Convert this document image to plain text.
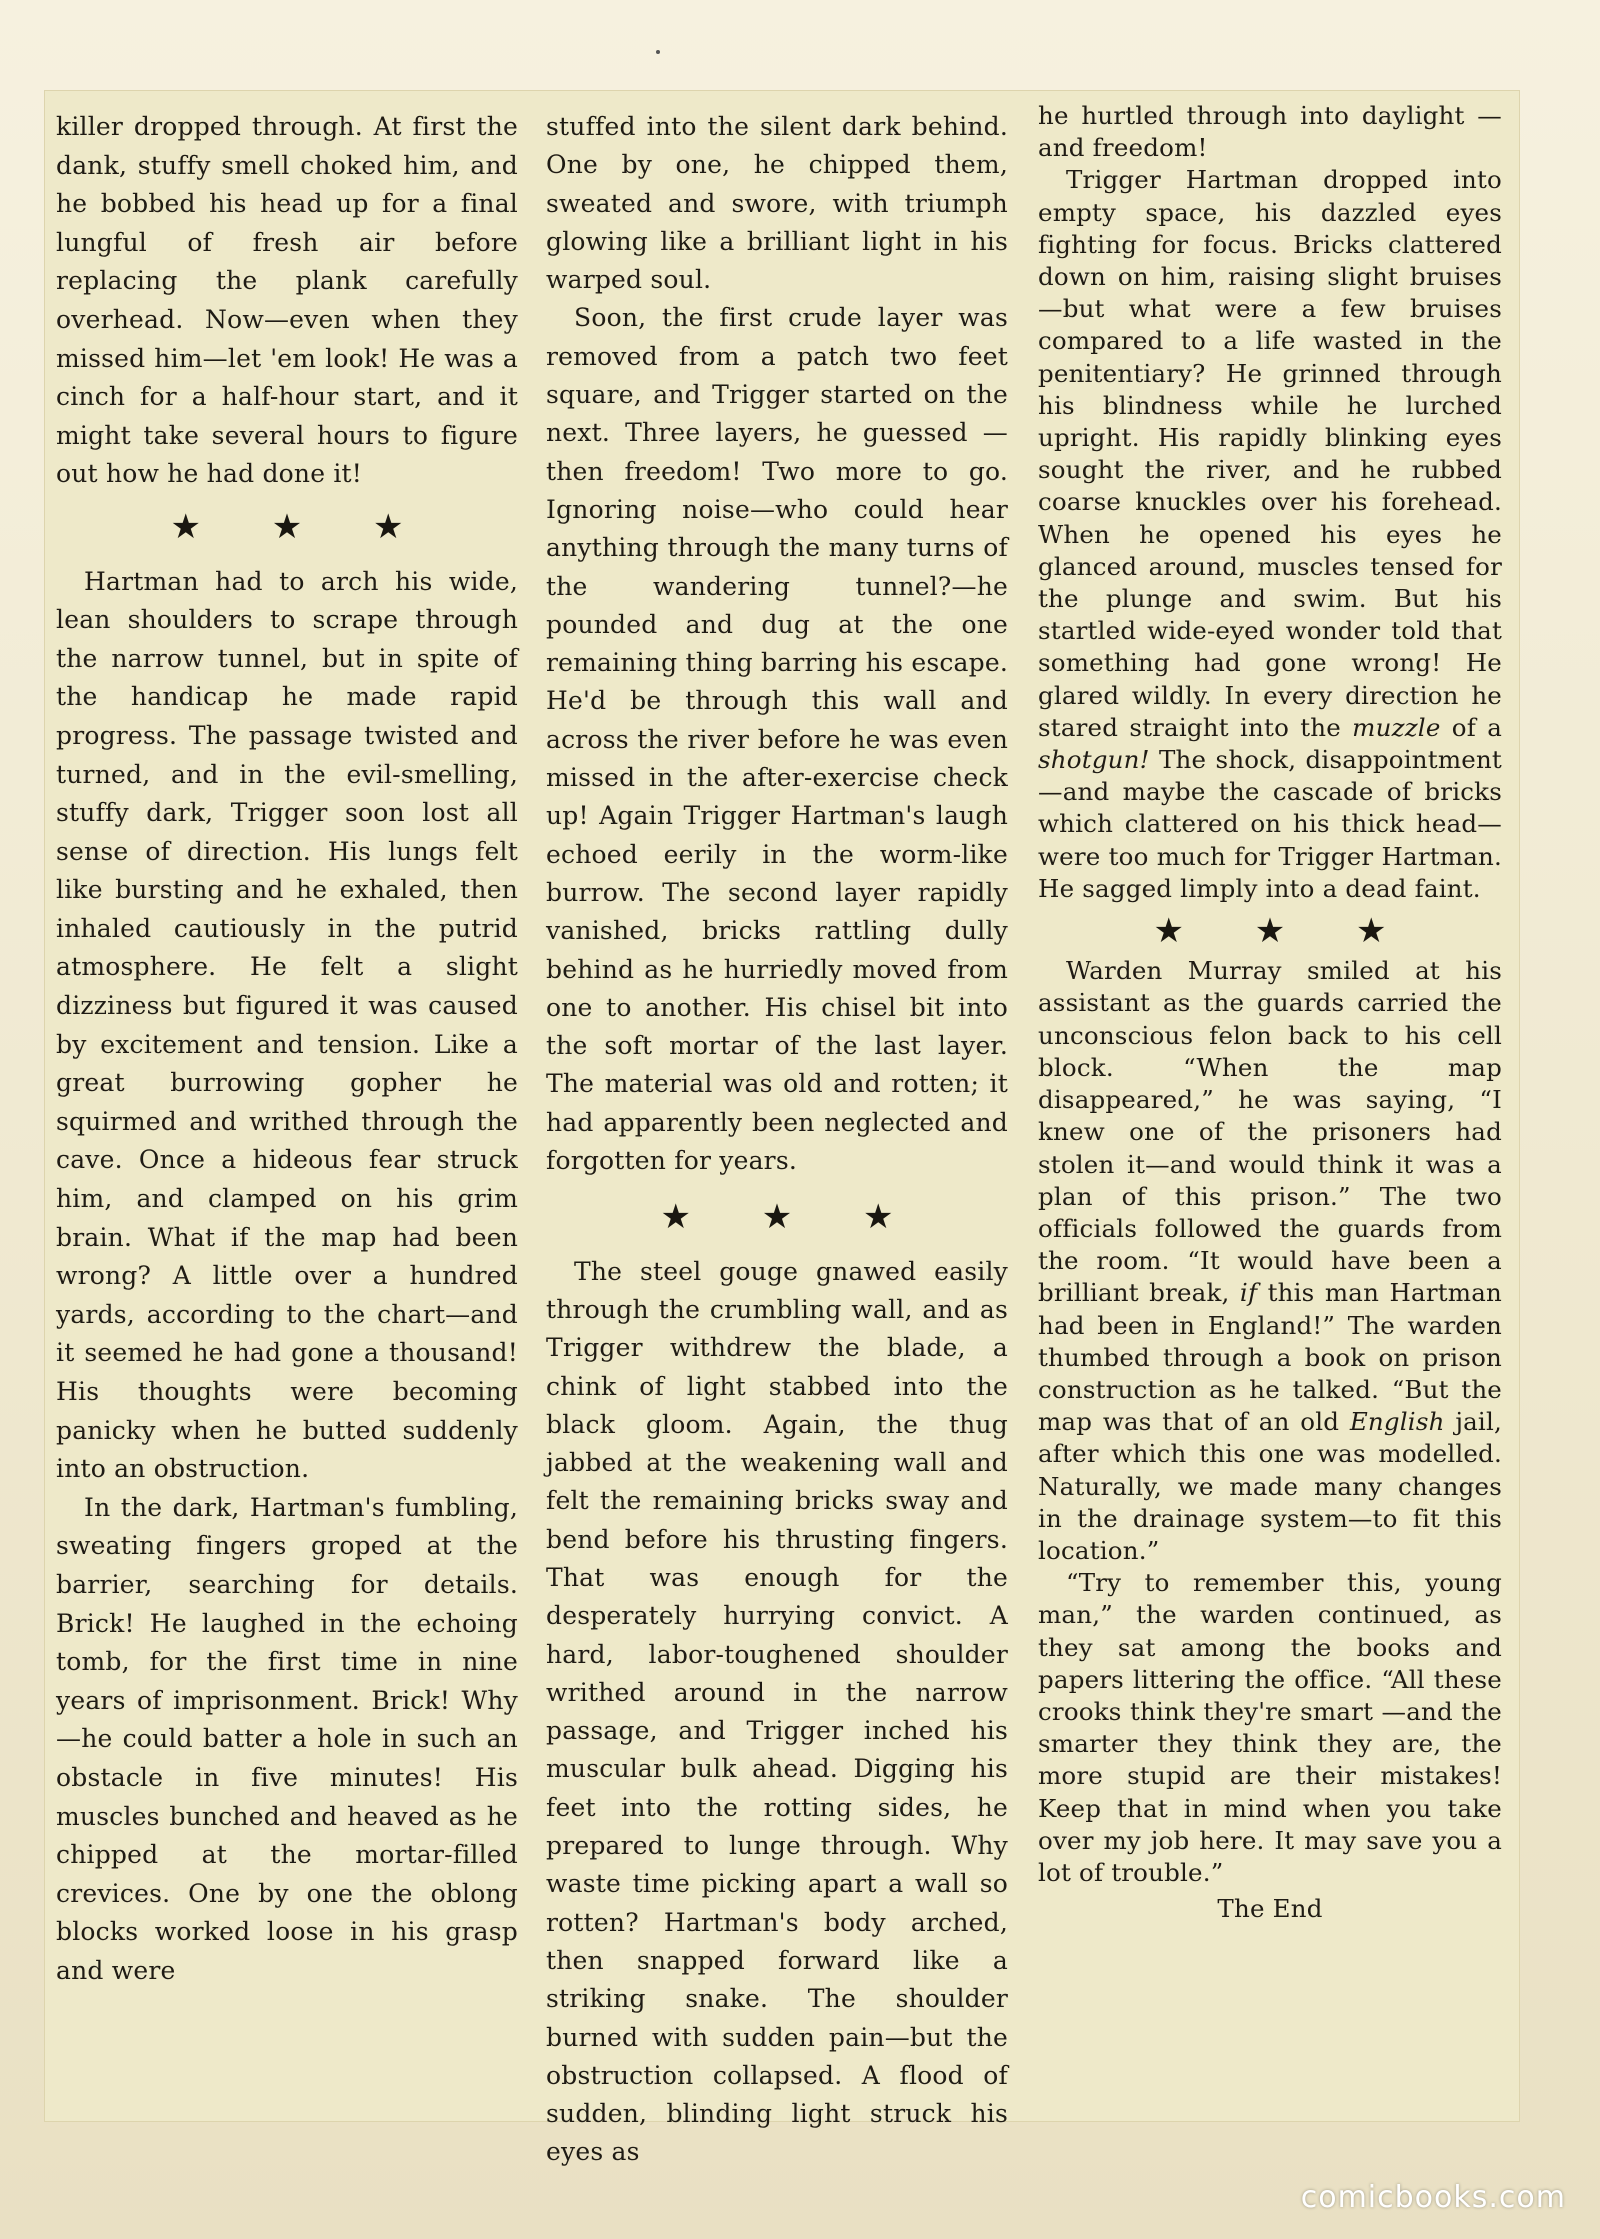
killer dropped through. At first the dank, stuffy smell choked him, and he bobbed his head up for a final lungful of fresh air before replacing the plank carefully overhead. Now—even when they missed him—let 'em look! He was a cinch for a half-hour start, and it might take several hours to figure out how he had done it!

★ ★ ★

Hartman had to arch his wide, lean shoulders to scrape through the narrow tunnel, but in spite of the handicap he made rapid progress. The passage twisted and turned, and in the evil-smelling, stuffy dark, Trigger soon lost all sense of direction. His lungs felt like bursting and he exhaled, then inhaled cautiously in the putrid atmosphere. He felt a slight dizziness but figured it was caused by excitement and tension. Like a great burrowing gopher he squirmed and writhed through the cave. Once a hideous fear struck him, and clamped on his grim brain. What if the map had been wrong? A little over a hundred yards, according to the chart—and it seemed he had gone a thousand! His thoughts were becoming panicky when he butted suddenly into an obstruction.

In the dark, Hartman's fumbling, sweating fingers groped at the barrier, searching for details. Brick! He laughed in the echoing tomb, for the first time in nine years of imprisonment. Brick! Why—he could batter a hole in such an obstacle in five minutes! His muscles bunched and heaved as he chipped at the mortar-filled crevices. One by one the oblong blocks worked loose in his grasp and were

stuffed into the silent dark behind. One by one, he chipped them, sweated and swore, with triumph glowing like a brilliant light in his warped soul.

Soon, the first crude layer was removed from a patch two feet square, and Trigger started on the next. Three layers, he guessed —then freedom! Two more to go. Ignoring noise—who could hear anything through the many turns of the wandering tunnel?—he pounded and dug at the one remaining thing barring his escape. He'd be through this wall and across the river before he was even missed in the after-exercise check up! Again Trigger Hartman's laugh echoed eerily in the worm-like burrow. The second layer rapidly vanished, bricks rattling dully behind as he hurriedly moved from one to another. His chisel bit into the soft mortar of the last layer. The material was old and rotten; it had apparently been neglected and forgotten for years.

★ ★ ★

The steel gouge gnawed easily through the crumbling wall, and as Trigger withdrew the blade, a chink of light stabbed into the black gloom. Again, the thug jabbed at the weakening wall and felt the remaining bricks sway and bend before his thrusting fingers. That was enough for the desperately hurrying convict. A hard, labor-toughened shoulder writhed around in the narrow passage, and Trigger inched his muscular bulk ahead. Digging his feet into the rotting sides, he prepared to lunge through. Why waste time picking apart a wall so rotten? Hartman's body arched, then snapped forward like a striking snake. The shoulder burned with sudden pain—but the obstruction collapsed. A flood of sudden, blinding light struck his eyes as

he hurtled through into daylight —and freedom!

Trigger Hartman dropped into empty space, his dazzled eyes fighting for focus. Bricks clattered down on him, raising slight bruises—but what were a few bruises compared to a life wasted in the penitentiary? He grinned through his blindness while he lurched upright. His rapidly blinking eyes sought the river, and he rubbed coarse knuckles over his forehead. When he opened his eyes he glanced around, muscles tensed for the plunge and swim. But his startled wide-eyed wonder told that something had gone wrong! He glared wildly. In every direction he stared straight into the muzzle of a shotgun! The shock, disappointment—and maybe the cascade of bricks which clattered on his thick head—were too much for Trigger Hartman. He sagged limply into a dead faint.

★ ★ ★

Warden Murray smiled at his assistant as the guards carried the unconscious felon back to his cell block. “When the map disappeared,” he was saying, “I knew one of the prisoners had stolen it—and would think it was a plan of this prison.” The two officials followed the guards from the room. “It would have been a brilliant break, if this man Hartman had been in England!” The warden thumbed through a book on prison construction as he talked. “But the map was that of an old English jail, after which this one was modelled. Naturally, we made many changes in the drainage system—to fit this location.”

“Try to remember this, young man,” the warden continued, as they sat among the books and papers littering the office. “All these crooks think they're smart —and the smarter they think they are, the more stupid are their mistakes! Keep that in mind when you take over my job here. It may save you a lot of trouble.”

The End
comicbooks.com
